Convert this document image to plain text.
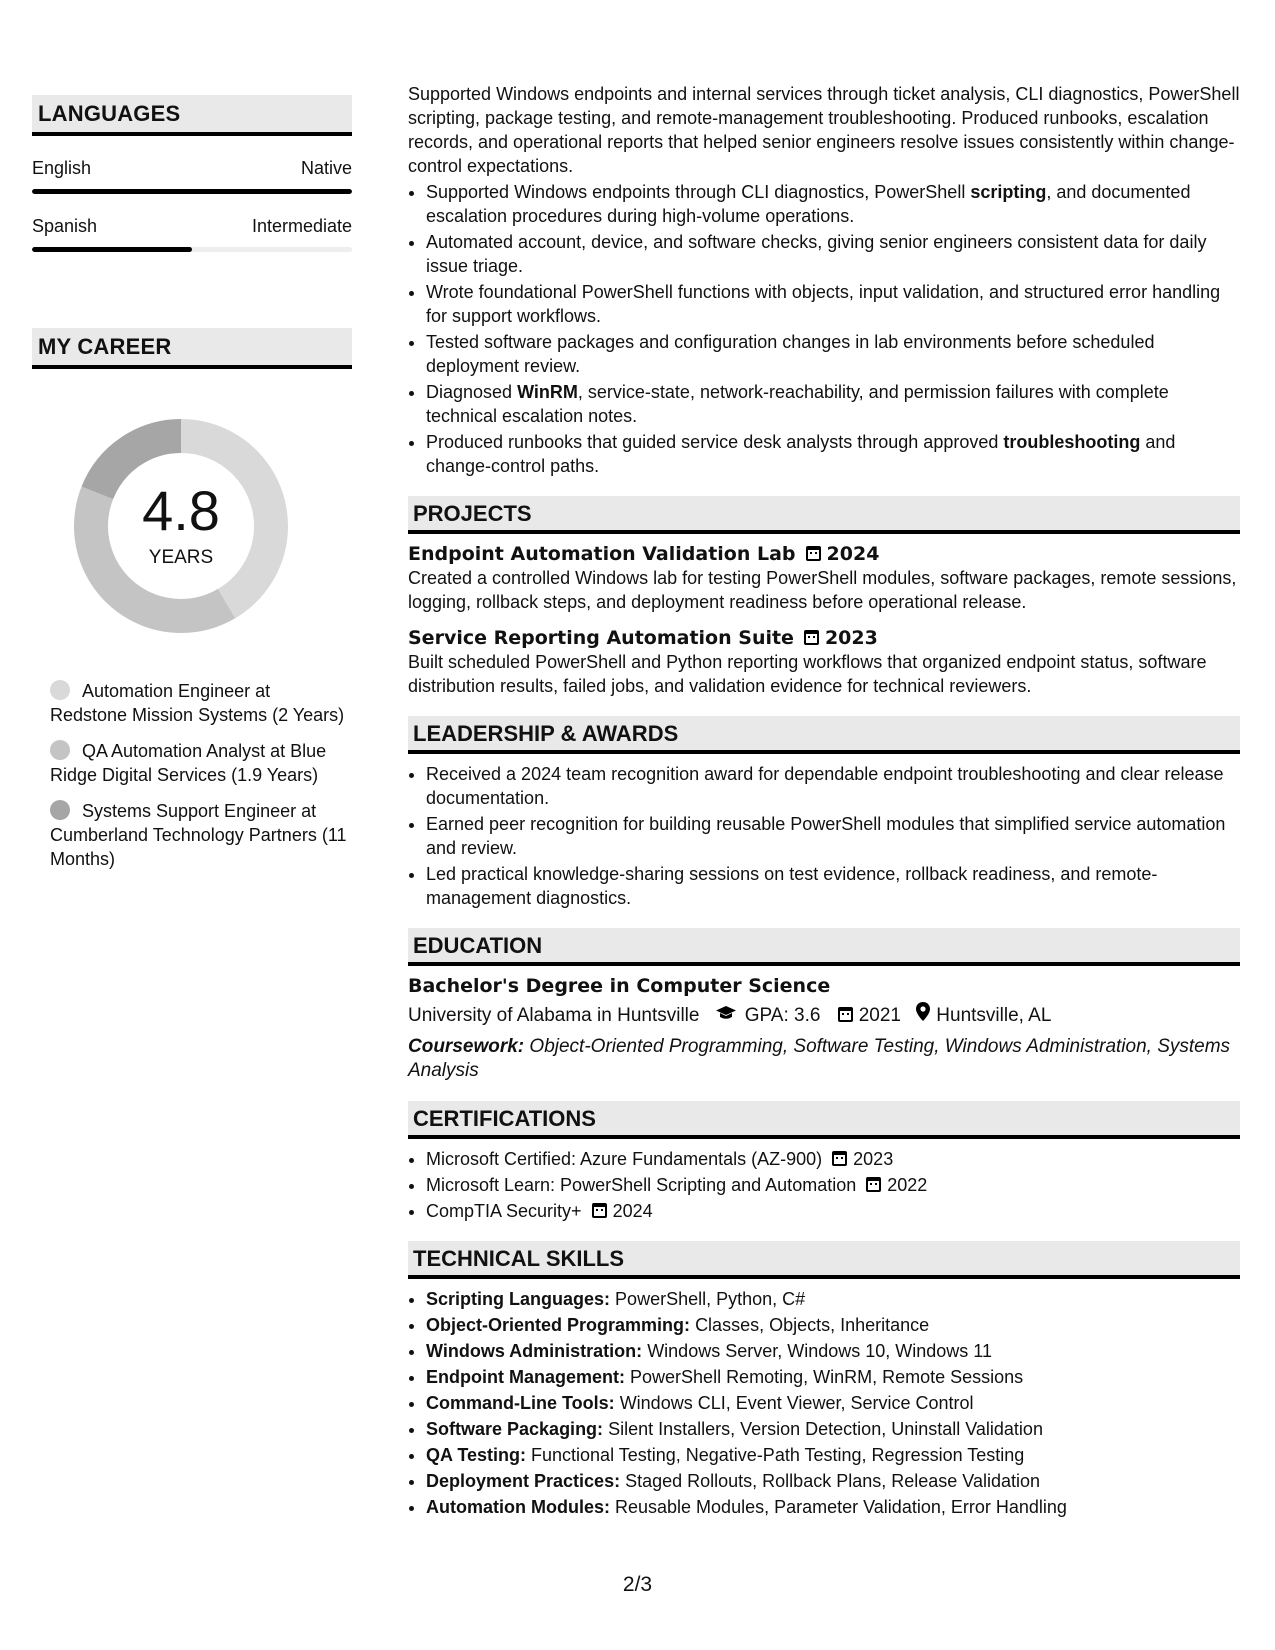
LANGUAGES
English	Native
Spanish	Intermediate
MY CAREER
4.8
YEARS
Automation Engineer at Redstone Mission Systems (2 Years)
QA Automation Analyst at Blue Ridge Digital Services (1.9 Years)
Systems Support Engineer at Cumberland Technology Partners (11 Months)

Supported Windows endpoints and internal services through ticket analysis, CLI diagnostics, PowerShell scripting, package testing, and remote-management troubleshooting. Produced runbooks, escalation records, and operational reports that helped senior engineers resolve issues consistently within change-control expectations.

• Supported Windows endpoints through CLI diagnostics, PowerShell scripting, and documented escalation procedures during high-volume operations.
• Automated account, device, and software checks, giving senior engineers consistent data for daily issue triage.
• Wrote foundational PowerShell functions with objects, input validation, and structured error handling for support workflows.
• Tested software packages and configuration changes in lab environments before scheduled deployment review.
• Diagnosed WinRM, service-state, network-reachability, and permission failures with complete technical escalation notes.
• Produced runbooks that guided service desk analysts through approved troubleshooting and change-control paths.
PROJECTS
Endpoint Automation Validation Lab 2024
Created a controlled Windows lab for testing PowerShell modules, software packages, remote sessions, logging, rollback steps, and deployment readiness before operational release.
Service Reporting Automation Suite 2023
Built scheduled PowerShell and Python reporting workflows that organized endpoint status, software distribution results, failed jobs, and validation evidence for technical reviewers.
LEADERSHIP & AWARDS
• Received a 2024 team recognition award for dependable endpoint troubleshooting and clear release documentation.
• Earned peer recognition for building reusable PowerShell modules that simplified service automation and review.
• Led practical knowledge-sharing sessions on test evidence, rollback readiness, and remote-management diagnostics.
EDUCATION
Bachelor's Degree in Computer Science
University of Alabama in Huntsville GPA: 3.6 2021 Huntsville, AL
Coursework: Object-Oriented Programming, Software Testing, Windows Administration, Systems Analysis
CERTIFICATIONS
• Microsoft Certified: Azure Fundamentals (AZ-900) 2023
• Microsoft Learn: PowerShell Scripting and Automation 2022
• CompTIA Security+ 2024
TECHNICAL SKILLS
• Scripting Languages: PowerShell, Python, C#
• Object-Oriented Programming: Classes, Objects, Inheritance
• Windows Administration: Windows Server, Windows 10, Windows 11
• Endpoint Management: PowerShell Remoting, WinRM, Remote Sessions
• Command-Line Tools: Windows CLI, Event Viewer, Service Control
• Software Packaging: Silent Installers, Version Detection, Uninstall Validation
• QA Testing: Functional Testing, Negative-Path Testing, Regression Testing
• Deployment Practices: Staged Rollouts, Rollback Plans, Release Validation
• Automation Modules: Reusable Modules, Parameter Validation, Error Handling
2/3
